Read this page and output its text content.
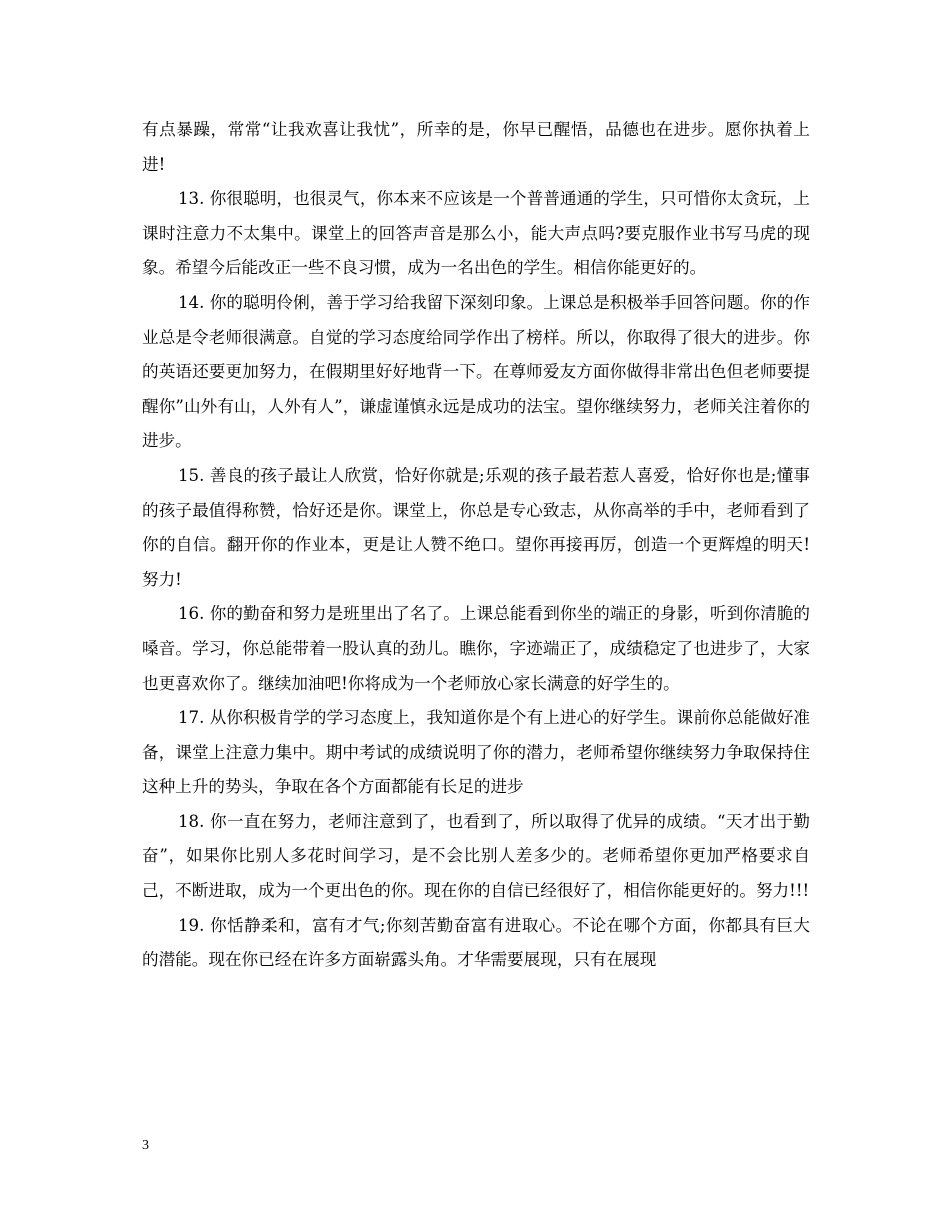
有点暴躁，常常“让我欢喜让我忧”，所幸的是，你早已醒悟，品德也在进步。愿你执着上进!

13. 你很聪明，也很灵气，你本来不应该是一个普普通通的学生，只可惜你太贪玩，上课时注意力不太集中。课堂上的回答声音是那么小，能大声点吗?要克服作业书写马虎的现象。希望今后能改正一些不良习惯，成为一名出色的学生。相信你能更好的。

14. 你的聪明伶俐，善于学习给我留下深刻印象。上课总是积极举手回答问题。你的作业总是令老师很满意。自觉的学习态度给同学作出了榜样。所以，你取得了很大的进步。你的英语还要更加努力，在假期里好好地背一下。在尊师爱友方面你做得非常出色但老师要提醒你”山外有山，人外有人”，谦虚谨慎永远是成功的法宝。望你继续努力，老师关注着你的进步。

15. 善良的孩子最让人欣赏，恰好你就是;乐观的孩子最若惹人喜爱，恰好你也是;懂事的孩子最值得称赞，恰好还是你。课堂上，你总是专心致志，从你高举的手中，老师看到了你的自信。翻开你的作业本，更是让人赞不绝口。望你再接再厉，创造一个更辉煌的明天!努力!

16. 你的勤奋和努力是班里出了名了。上课总能看到你坐的端正的身影，听到你清脆的嗓音。学习，你总能带着一股认真的劲儿。瞧你，字迹端正了，成绩稳定了也进步了，大家也更喜欢你了。继续加油吧!你将成为一个老师放心家长满意的好学生的。

17. 从你积极肯学的学习态度上，我知道你是个有上进心的好学生。课前你总能做好准备，课堂上注意力集中。期中考试的成绩说明了你的潜力，老师希望你继续努力争取保持住这种上升的势头，争取在各个方面都能有长足的进步

18. 你一直在努力，老师注意到了，也看到了，所以取得了优异的成绩。“天才出于勤奋”，如果你比别人多花时间学习，是不会比别人差多少的。老师希望你更加严格要求自己，不断进取，成为一个更出色的你。现在你的自信已经很好了，相信你能更好的。努力!!!

19. 你恬静柔和，富有才气;你刻苦勤奋富有进取心。不论在哪个方面，你都具有巨大的潜能。现在你已经在许多方面崭露头角。才华需要展现，只有在展现

3
